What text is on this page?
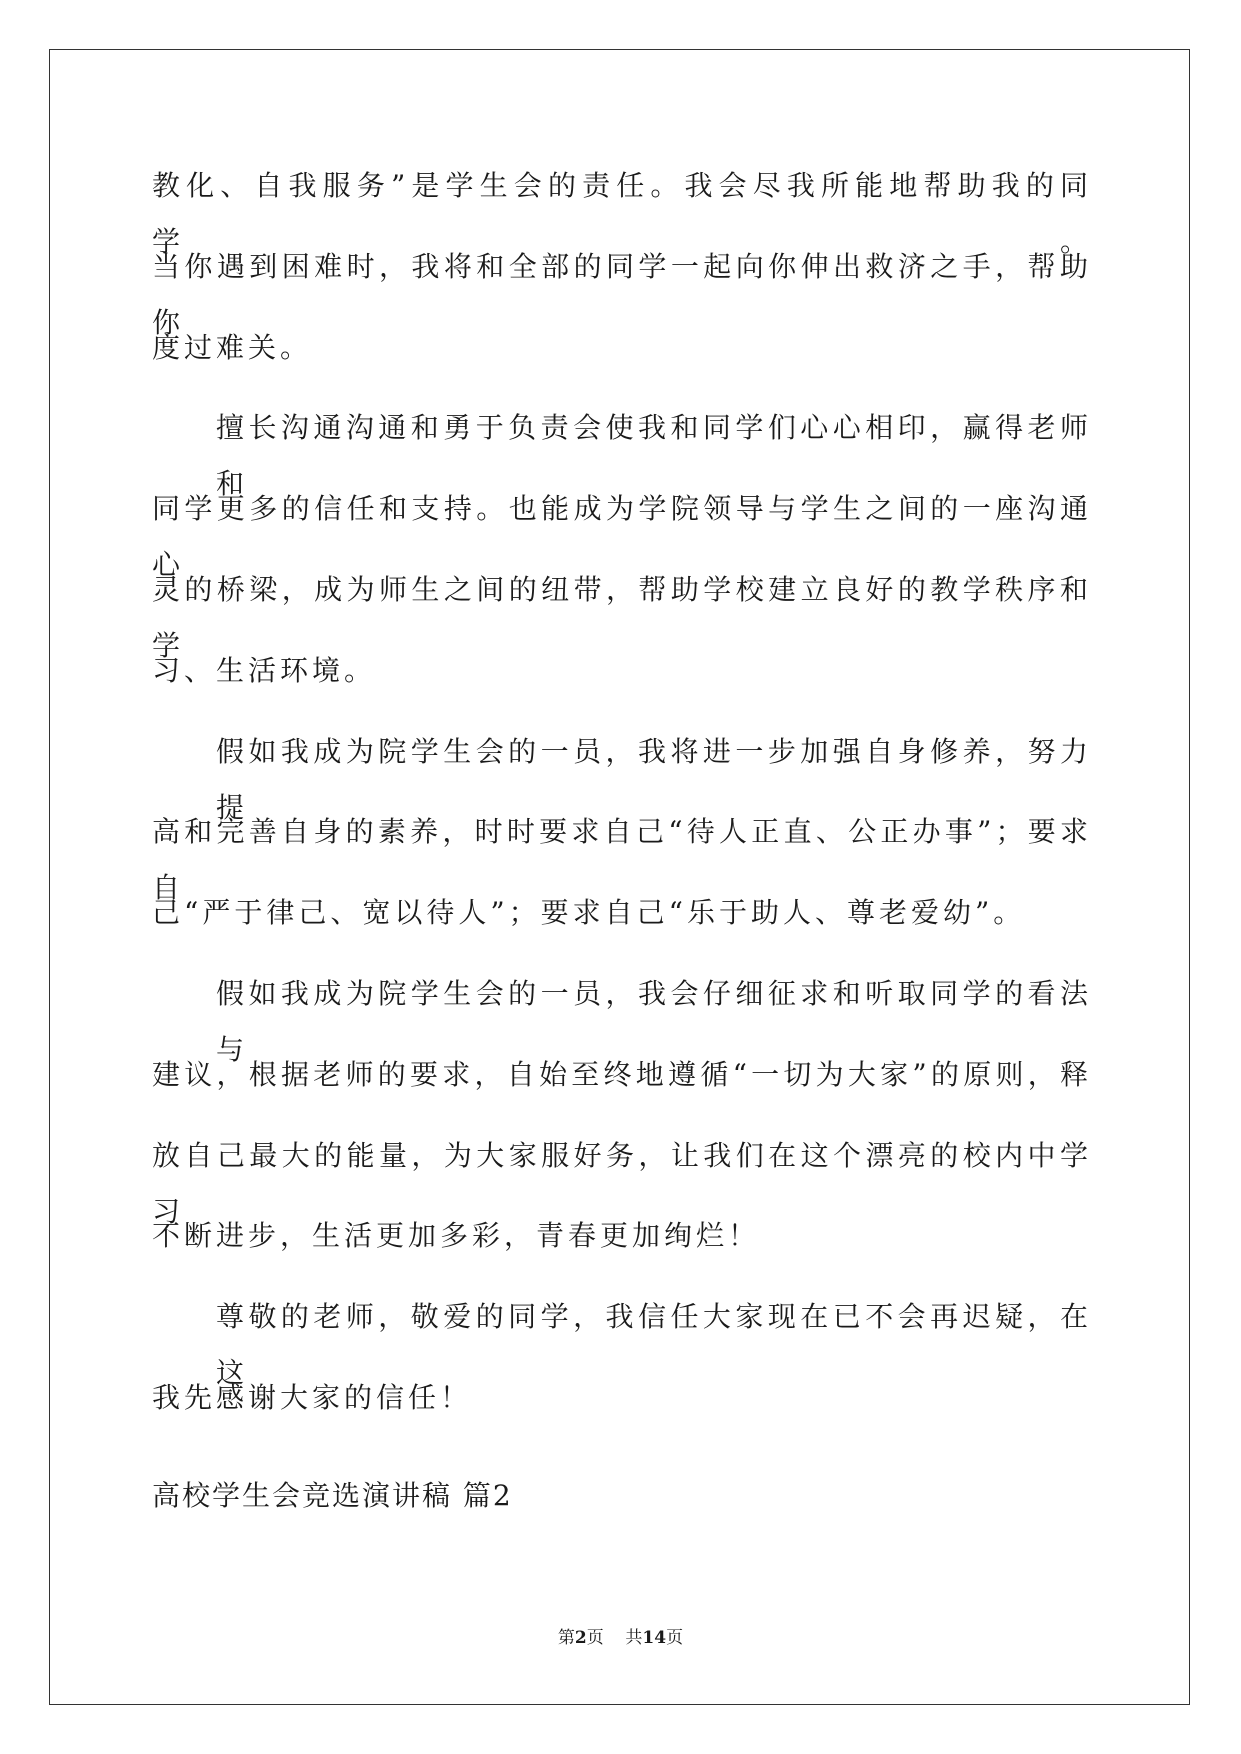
教化、自我服务”是学生会的责任。我会尽我所能地帮助我的同学。
当你遇到困难时，我将和全部的同学一起向你伸出救济之手，帮助你
度过难关。
擅长沟通沟通和勇于负责会使我和同学们心心相印，赢得老师和
同学更多的信任和支持。也能成为学院领导与学生之间的一座沟通心
灵的桥梁，成为师生之间的纽带，帮助学校建立良好的教学秩序和学
习、生活环境。
假如我成为院学生会的一员，我将进一步加强自身修养，努力提
高和完善自身的素养，时时要求自己“待人正直、公正办事”；要求自
己“严于律己、宽以待人”；要求自己“乐于助人、尊老爱幼”。
假如我成为院学生会的一员，我会仔细征求和听取同学的看法与
建议，根据老师的要求，自始至终地遵循“一切为大家”的原则，释
放自己最大的能量，为大家服好务，让我们在这个漂亮的校内中学习
不断进步，生活更加多彩，青春更加绚烂！
尊敬的老师，敬爱的同学，我信任大家现在已不会再迟疑，在这
我先感谢大家的信任！
高校学生会竞选演讲稿 篇2
第2页    共14页
